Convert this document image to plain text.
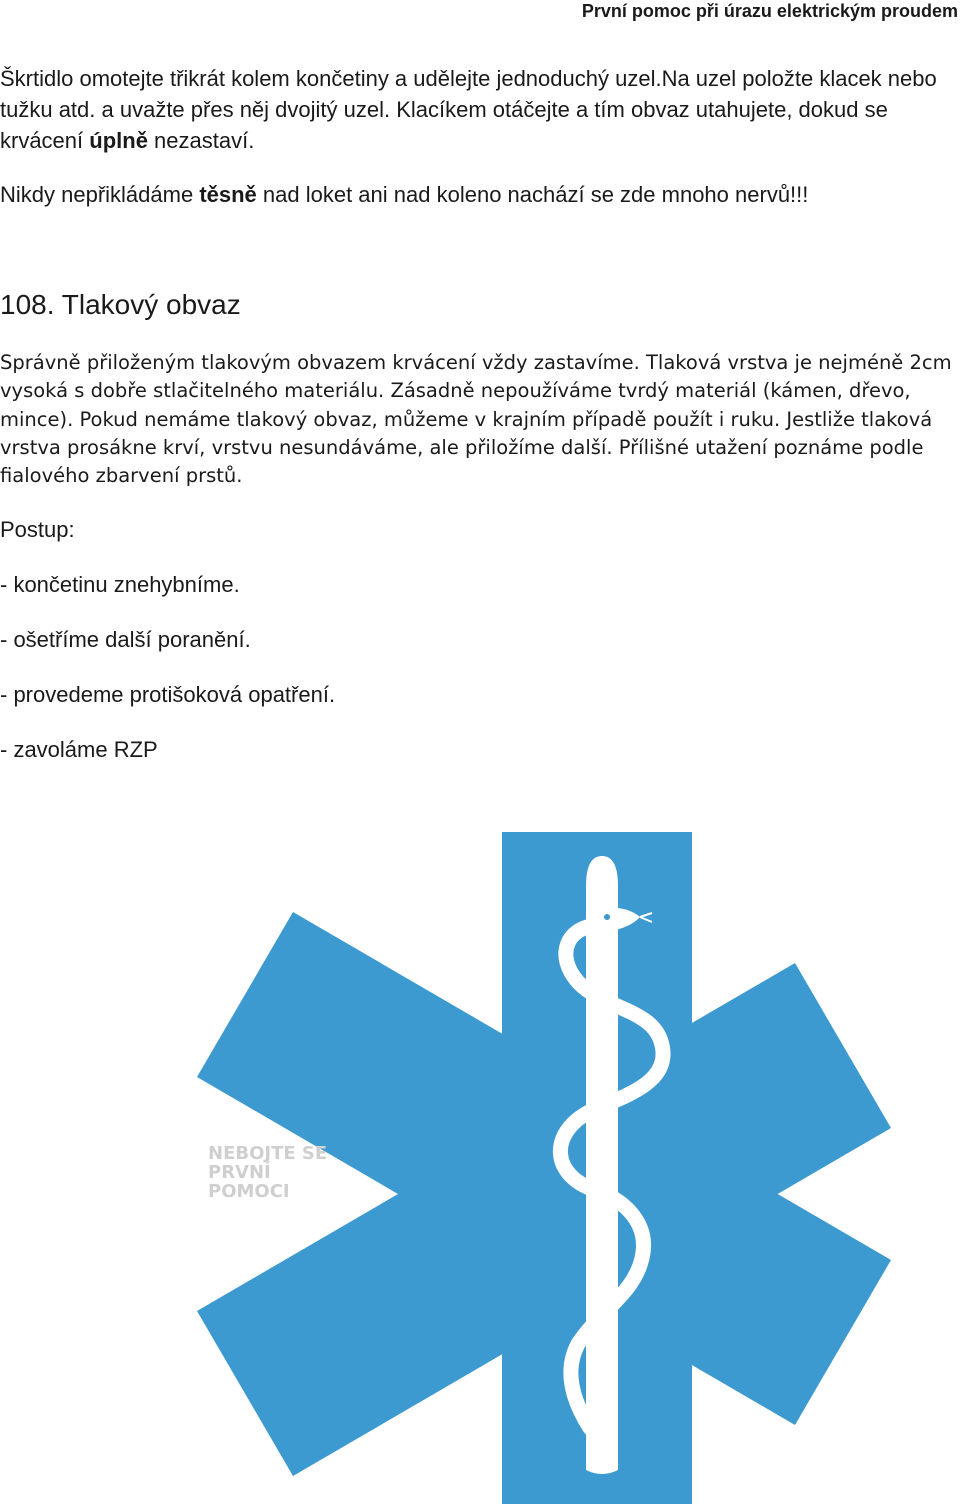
První pomoc při úrazu elektrickým proudem
Škrtidlo omotejte třikrát kolem končetiny a udělejte jednoduchý uzel.Na uzel položte klacek nebo tužku atd. a uvažte přes něj dvojitý uzel. Klacíkem otáčejte a tím obvaz utahujete, dokud se krvácení úplně nezastaví.
Nikdy nepřikládáme těsně nad loket ani nad koleno nachází se zde mnoho nervů!!!
108. Tlakový obvaz
Správně přiloženým tlakovým obvazem krvácení vždy zastavíme. Tlaková vrstva je nejméně 2cm vysoká s dobře stlačitelného materiálu. Zásadně nepoužíváme tvrdý materiál (kámen, dřevo, mince). Pokud nemáme tlakový obvaz, můžeme v krajním případě použít i ruku. Jestliže tlaková vrstva prosákne krví, vrstvu nesundáváme, ale přiložíme další. Přílišné utažení poznáme podle fialového zbarvení prstů.
Postup:
- končetinu znehybníme.
- ošetříme další poranění.
- provedeme protišoková opatření.
- zavoláme RZP
NEBOJTE SE
PRVNÍ
POMOCI
